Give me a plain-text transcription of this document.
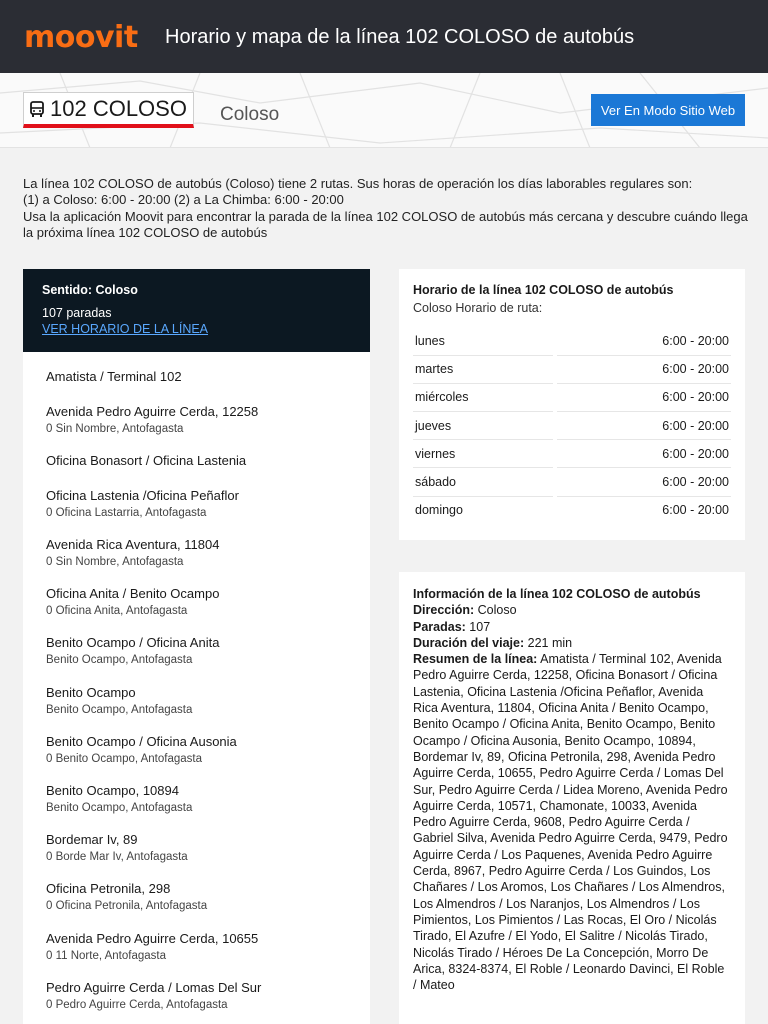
moovit Horario y mapa de la línea 102 COLOSO de autobús
102 COLOSO Coloso	Ver En Modo Sitio Web
La línea 102 COLOSO de autobús (Coloso) tiene 2 rutas. Sus horas de operación los días laborables regulares son:
(1) a Coloso: 6:00 - 20:00 (2) a La Chimba: 6:00 - 20:00
Usa la aplicación Moovit para encontrar la parada de la línea 102 COLOSO de autobús más cercana y descubre cuándo llega la próxima línea 102 COLOSO de autobús
Sentido: Coloso
107 paradas
VER HORARIO DE LA LÍNEA
Amatista / Terminal 102
Avenida Pedro Aguirre Cerda, 12258
0 Sin Nombre, Antofagasta
Oficina Bonasort / Oficina Lastenia
Oficina Lastenia /Oficina Peñaflor
0 Oficina Lastarria, Antofagasta
Avenida Rica Aventura, 11804
0 Sin Nombre, Antofagasta
Oficina Anita / Benito Ocampo
0 Oficina Anita, Antofagasta
Benito Ocampo / Oficina Anita
Benito Ocampo, Antofagasta
Benito Ocampo
Benito Ocampo, Antofagasta
Benito Ocampo / Oficina Ausonia
0 Benito Ocampo, Antofagasta
Benito Ocampo, 10894
Benito Ocampo, Antofagasta
Bordemar Iv, 89
0 Borde Mar Iv, Antofagasta
Oficina Petronila, 298
0 Oficina Petronila, Antofagasta
Avenida Pedro Aguirre Cerda, 10655
0 11 Norte, Antofagasta
Pedro Aguirre Cerda / Lomas Del Sur
0 Pedro Aguirre Cerda, Antofagasta
Horario de la línea 102 COLOSO de autobús
Coloso Horario de ruta:
lunes		6:00 - 20:00
martes		6:00 - 20:00
miércoles		6:00 - 20:00
jueves		6:00 - 20:00
viernes		6:00 - 20:00
sábado		6:00 - 20:00
domingo		6:00 - 20:00
Información de la línea 102 COLOSO de autobús
Dirección: Coloso
Paradas: 107
Duración del viaje: 221 min
Resumen de la línea: Amatista / Terminal 102, Avenida Pedro Aguirre Cerda, 12258, Oficina Bonasort / Oficina Lastenia, Oficina Lastenia /Oficina Peñaflor, Avenida Rica Aventura, 11804, Oficina Anita / Benito Ocampo, Benito Ocampo / Oficina Anita, Benito Ocampo, Benito Ocampo / Oficina Ausonia, Benito Ocampo, 10894, Bordemar Iv, 89, Oficina Petronila, 298, Avenida Pedro Aguirre Cerda, 10655, Pedro Aguirre Cerda / Lomas Del Sur, Pedro Aguirre Cerda / Lidea Moreno, Avenida Pedro Aguirre Cerda, 10571, Chamonate, 10033, Avenida Pedro Aguirre Cerda, 9608, Pedro Aguirre Cerda / Gabriel Silva, Avenida Pedro Aguirre Cerda, 9479, Pedro Aguirre Cerda / Los Paquenes, Avenida Pedro Aguirre Cerda, 8967, Pedro Aguirre Cerda / Los Guindos, Los Chañares / Los Aromos, Los Chañares / Los Almendros, Los Almendros / Los Naranjos, Los Almendros / Los Pimientos, Los Pimientos / Las Rocas, El Oro / Nicolás Tirado, El Azufre / El Yodo, El Salitre / Nicolás Tirado, Nicolás Tirado / Héroes De La Concepción, Morro De Arica, 8324-8374, El Roble / Leonardo Davinci, El Roble / Mateo
